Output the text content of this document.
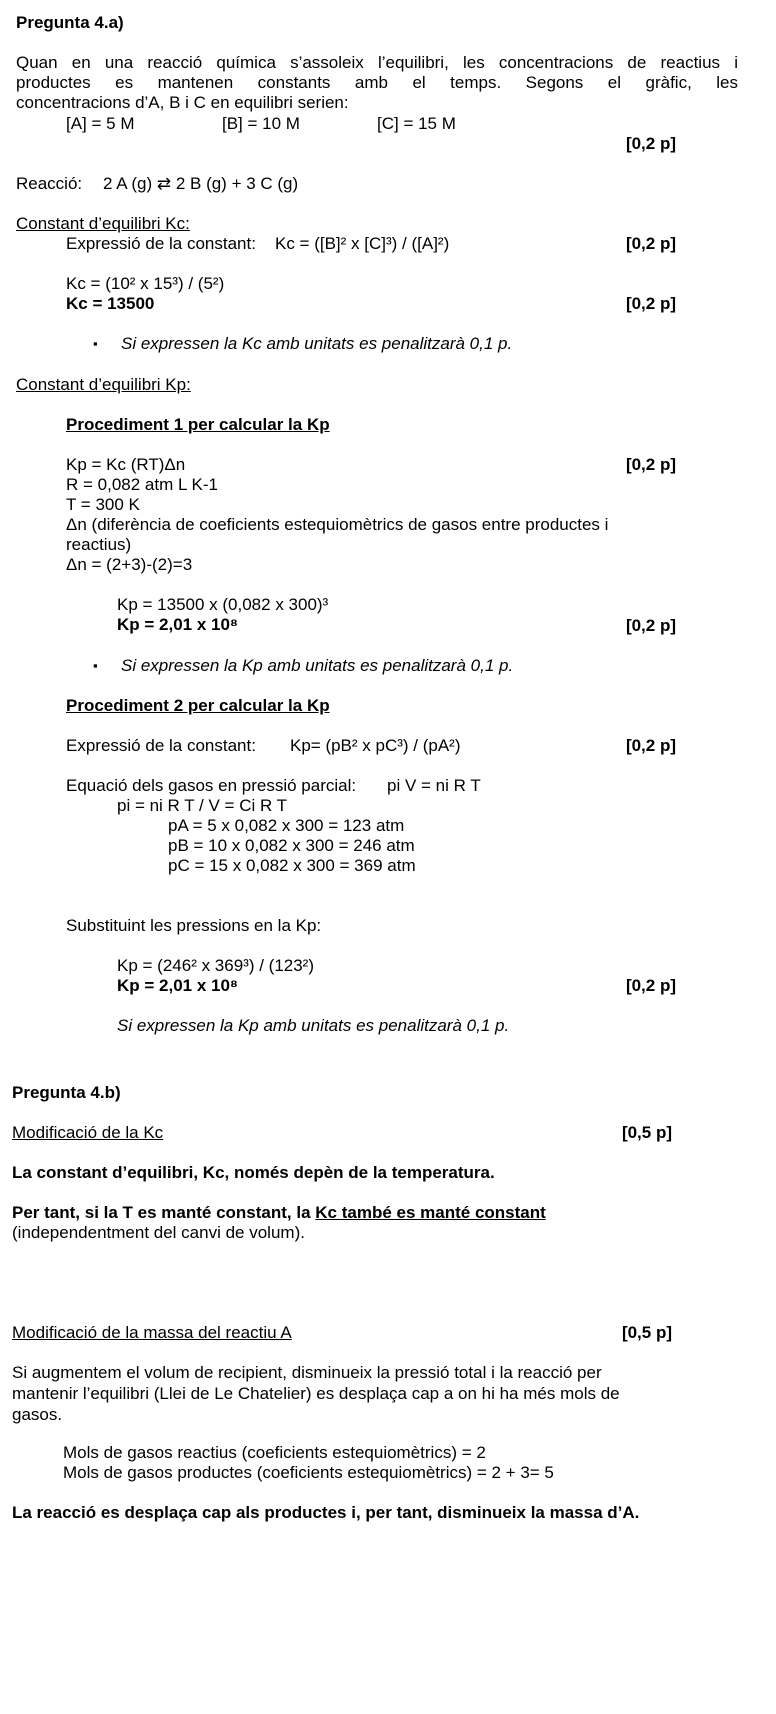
Pregunta 4.a)
Quan en una reacció química s’assoleix l’equilibri, les concentracions de reactius i
productes es mantenen constants amb el temps. Segons el gràfic, les
concentracions d’A, B i C en equilibri serien:
[A] = 5 M	[B] = 10 M	[C] = 15 M
[0,2 p]
Reacció: 2 A (g) ⇄ 2 B (g) + 3 C (g)
Constant d’equilibri Kc:
Expressió de la constant: Kc = ([B]² x [C]³) / ([A]²)	[0,2 p]
Kc = (10² x 15³) / (5²)
Kc = 13500	[0,2 p]
▪ Si expressen la Kc amb unitats es penalitzarà 0,1 p.
Constant d’equilibri Kp:
Procediment 1 per calcular la Kp
Kp = Kc (RT)Δn	[0,2 p]
R = 0,082 atm L K-1
T = 300 K
Δn (diferència de coeficients estequiomètrics de gasos entre productes i
reactius)
Δn = (2+3)-(2)=3
Kp = 13500 x (0,082 x 300)³
Kp = 2,01 x 10⁸	[0,2 p]
▪ Si expressen la Kp amb unitats es penalitzarà 0,1 p.
Procediment 2 per calcular la Kp
Expressió de la constant: Kp= (pB² x pC³) / (pA²)	[0,2 p]
Equació dels gasos en pressió parcial: pi V = ni R T
pi = ni R T / V = Ci R T
pA = 5 x 0,082 x 300 = 123 atm
pB = 10 x 0,082 x 300 = 246 atm
pC = 15 x 0,082 x 300 = 369 atm
Substituint les pressions en la Kp:
Kp = (246² x 369³) / (123²)
Kp = 2,01 x 10⁸	[0,2 p]
Si expressen la Kp amb unitats es penalitzarà 0,1 p.
Pregunta 4.b)
Modificació de la Kc	[0,5 p]
La constant d’equilibri, Kc, només depèn de la temperatura.
Per tant, si la T es manté constant, la Kc també es manté constant
(independentment del canvi de volum).
Modificació de la massa del reactiu A	[0,5 p]
Si augmentem el volum de recipient, disminueix la pressió total i la reacció per mantenir l’equilibri (Llei de Le Chatelier) es desplaça cap a on hi ha més mols de gasos.
Mols de gasos reactius (coeficients estequiomètrics) = 2
Mols de gasos productes (coeficients estequiomètrics) = 2 + 3= 5
La reacció es desplaça cap als productes i, per tant, disminueix la massa d’A.
